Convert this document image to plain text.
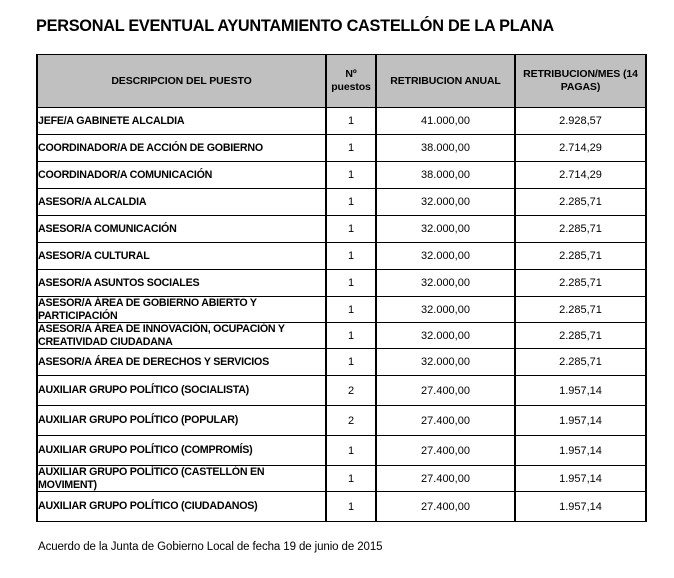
PERSONAL EVENTUAL AYUNTAMIENTO CASTELLÓN DE LA PLANA
DESCRIPCION DEL PUESTO	Nº puestos	RETRIBUCION ANUAL	RETRIBUCION/MES (14 PAGAS)

JEFE/A GABINETE ALCALDIA	1	41.000,00	2.928,57

COORDINADOR/A DE ACCIÓN DE GOBIERNO	1	38.000,00	2.714,29

COORDINADOR/A COMUNICACIÓN	1	38.000,00	2.714,29

ASESOR/A ALCALDIA	1	32.000,00	2.285,71

ASESOR/A COMUNICACIÓN	1	32.000,00	2.285,71

ASESOR/A CULTURAL	1	32.000,00	2.285,71

ASESOR/A ASUNTOS SOCIALES	1	32.000,00	2.285,71

ASESOR/A ÁREA DE GOBIERNO ABIERTO Y PARTICIPACIÓN	1	32.000,00	2.285,71

ASESOR/A ÁREA DE INNOVACIÓN, OCUPACIÓN Y CREATIVIDAD CIUDADANA	1	32.000,00	2.285,71

ASESOR/A ÁREA DE DERECHOS Y SERVICIOS	1	32.000,00	2.285,71

AUXILIAR GRUPO POLÍTICO (SOCIALISTA)	2	27.400,00	1.957,14

AUXILIAR GRUPO POLÍTICO (POPULAR)	2	27.400,00	1.957,14

AUXILIAR GRUPO POLÍTICO (COMPROMÍS)	1	27.400,00	1.957,14

AUXILIAR GRUPO POLÍTICO (CASTELLÓN EN MOVIMENT)	1	27.400,00	1.957,14

AUXILIAR GRUPO POLÍTICO (CIUDADANOS)	1	27.400,00	1.957,14
Acuerdo de la Junta de Gobierno Local de fecha 19 de junio de 2015
